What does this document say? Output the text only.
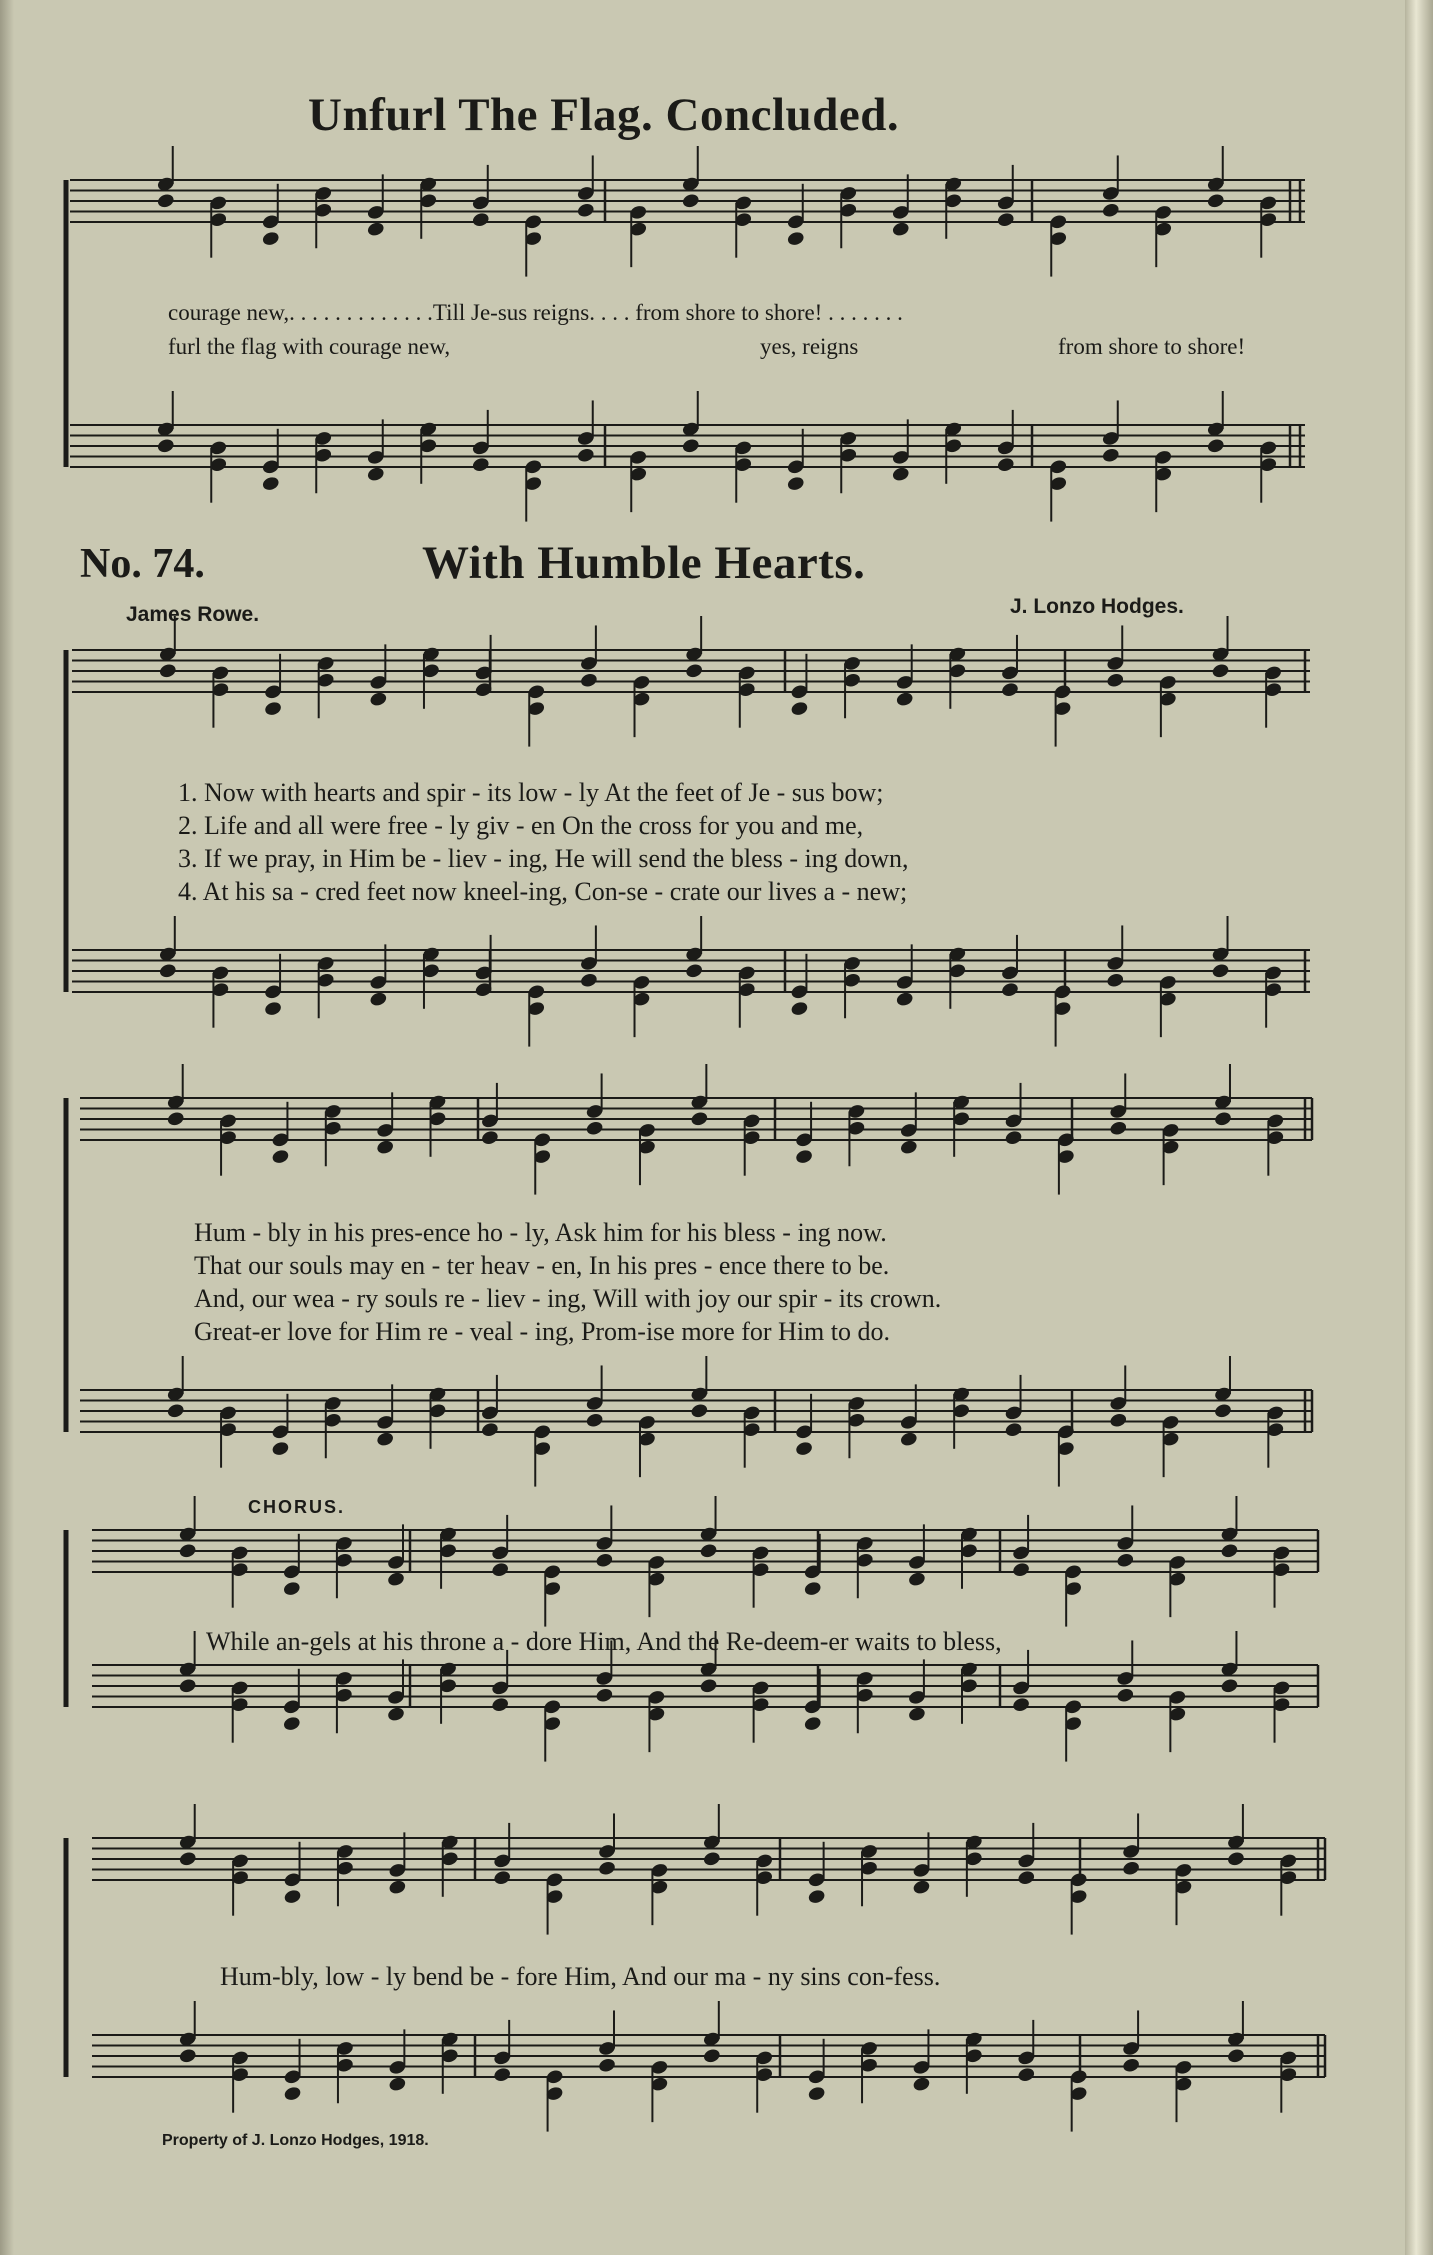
Unfurl The Flag. Concluded.
courage new,. . . . . . . . . . . . .Till Je-sus reigns. . . . from shore to shore! . . . . . . .
furl the flag with courage new,	yes, reigns	from shore to shore!
No. 74.	With Humble Hearts.
James Rowe.	J. Lonzo Hodges.
1. Now with hearts and spir - its low - ly At the feet of Je - sus bow;
2. Life and all were free - ly giv - en On the cross for you and me,
3. If we pray, in Him be - liev - ing, He will send the bless - ing down,
4. At his sa - cred feet now kneel-ing, Con-se - crate our lives a - new;
Hum - bly in his pres-ence ho - ly, Ask him for his bless - ing now.
That our souls may en - ter heav - en, In his pres - ence there to be.
And, our wea - ry souls re - liev - ing, Will with joy our spir - its crown.
Great-er love for Him re - veal - ing, Prom-ise more for Him to do.
CHORUS.
While an-gels at his throne a - dore Him, And the Re-deem-er waits to bless,
Hum-bly, low - ly bend be - fore Him, And our ma - ny sins con-fess.
Property of J. Lonzo Hodges, 1918.
